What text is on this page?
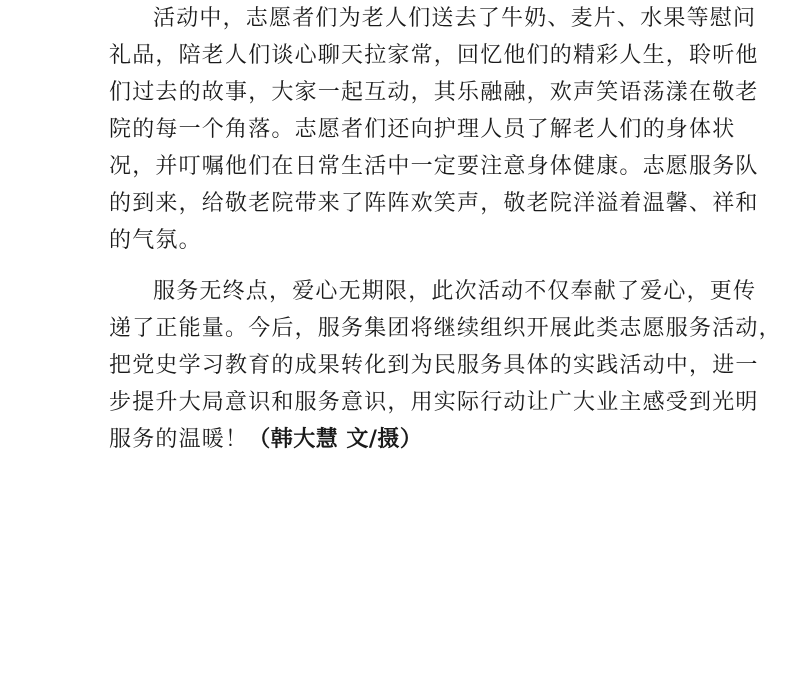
活动中，志愿者们为老人们送去了牛奶、麦片、水果等慰问
礼品，陪老人们谈心聊天拉家常，回忆他们的精彩人生，聆听他
们过去的故事，大家一起互动，其乐融融，欢声笑语荡漾在敬老
院的每一个角落。志愿者们还向护理人员了解老人们的身体状
况，并叮嘱他们在日常生活中一定要注意身体健康。志愿服务队
的到来，给敬老院带来了阵阵欢笑声，敬老院洋溢着温馨、祥和
的气氛。
服务无终点，爱心无期限，此次活动不仅奉献了爱心，更传
递了正能量。今后，服务集团将继续组织开展此类志愿服务活动，
把党史学习教育的成果转化到为民服务具体的实践活动中，进一
步提升大局意识和服务意识，用实际行动让广大业主感受到光明
服务的温暖！（韩大慧 文/摄）
